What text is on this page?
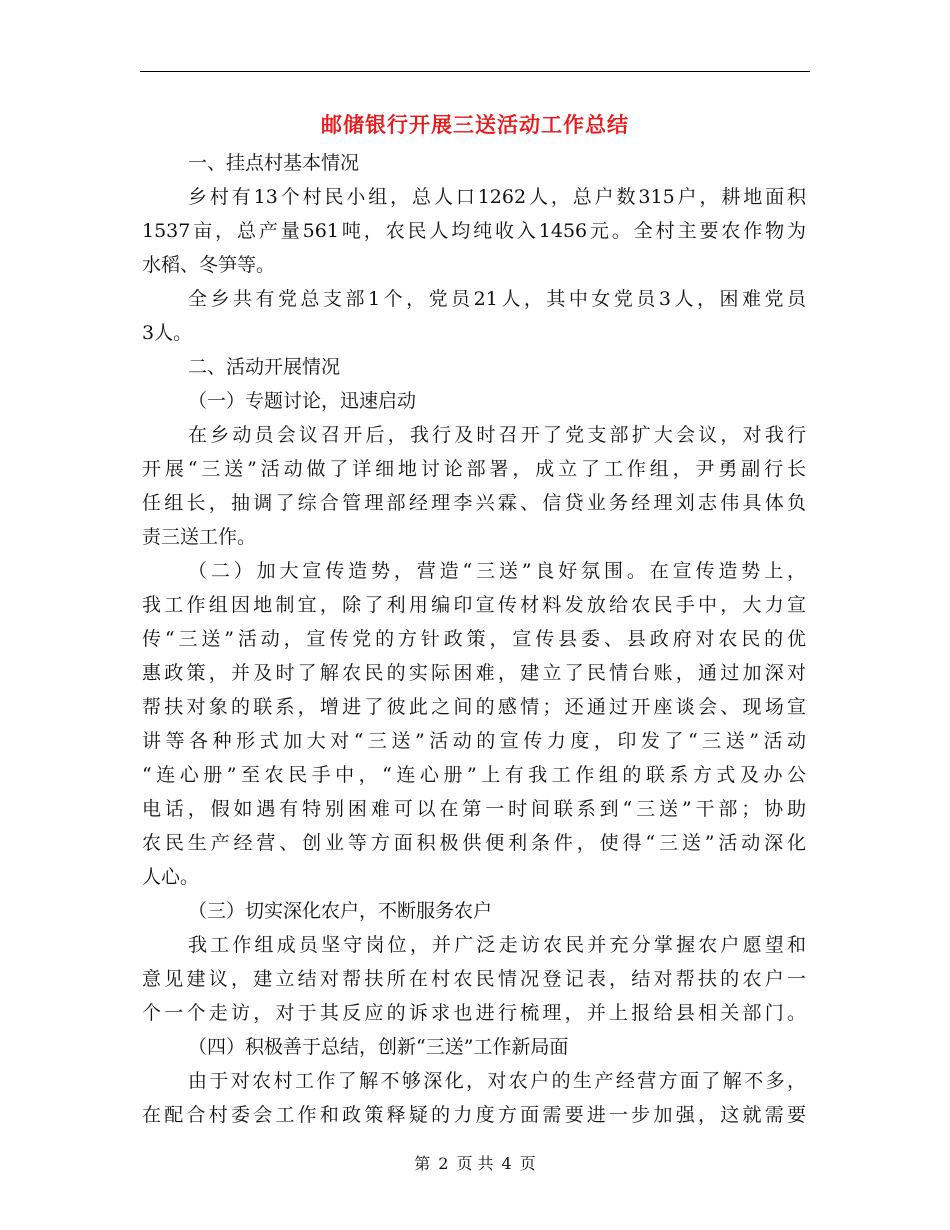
邮储银行开展三送活动工作总结
一、挂点村基本情况
乡村有13个村民小组，总人口1262人，总户数315户，耕地面积
1537亩，总产量561吨，农民人均纯收入1456元。全村主要农作物为
水稻、冬笋等。
全乡共有党总支部1个，党员21人，其中女党员3人，困难党员
3人。
二、活动开展情况
（一）专题讨论，迅速启动
在乡动员会议召开后，我行及时召开了党支部扩大会议，对我行
开展“三送”活动做了详细地讨论部署，成立了工作组，尹勇副行长
任组长，抽调了综合管理部经理李兴霖、信贷业务经理刘志伟具体负
责三送工作。
（二）加大宣传造势，营造“三送”良好氛围。在宣传造势上，
我工作组因地制宜，除了利用编印宣传材料发放给农民手中，大力宣
传“三送”活动，宣传党的方针政策，宣传县委、县政府对农民的优
惠政策，并及时了解农民的实际困难，建立了民情台账，通过加深对
帮扶对象的联系，增进了彼此之间的感情；还通过开座谈会、现场宣
讲等各种形式加大对“三送”活动的宣传力度，印发了“三送”活动
“连心册”至农民手中，“连心册”上有我工作组的联系方式及办公
电话，假如遇有特别困难可以在第一时间联系到“三送”干部；协助
农民生产经营、创业等方面积极供便利条件，使得“三送”活动深化
人心。
（三）切实深化农户，不断服务农户
我工作组成员坚守岗位，并广泛走访农民并充分掌握农户愿望和
意见建议，建立结对帮扶所在村农民情况登记表，结对帮扶的农户一
个一个走访，对于其反应的诉求也进行梳理，并上报给县相关部门。
（四）积极善于总结，创新“三送”工作新局面
由于对农村工作了解不够深化，对农户的生产经营方面了解不多，
在配合村委会工作和政策释疑的力度方面需要进一步加强，这就需要
第 2 页 共 4 页
